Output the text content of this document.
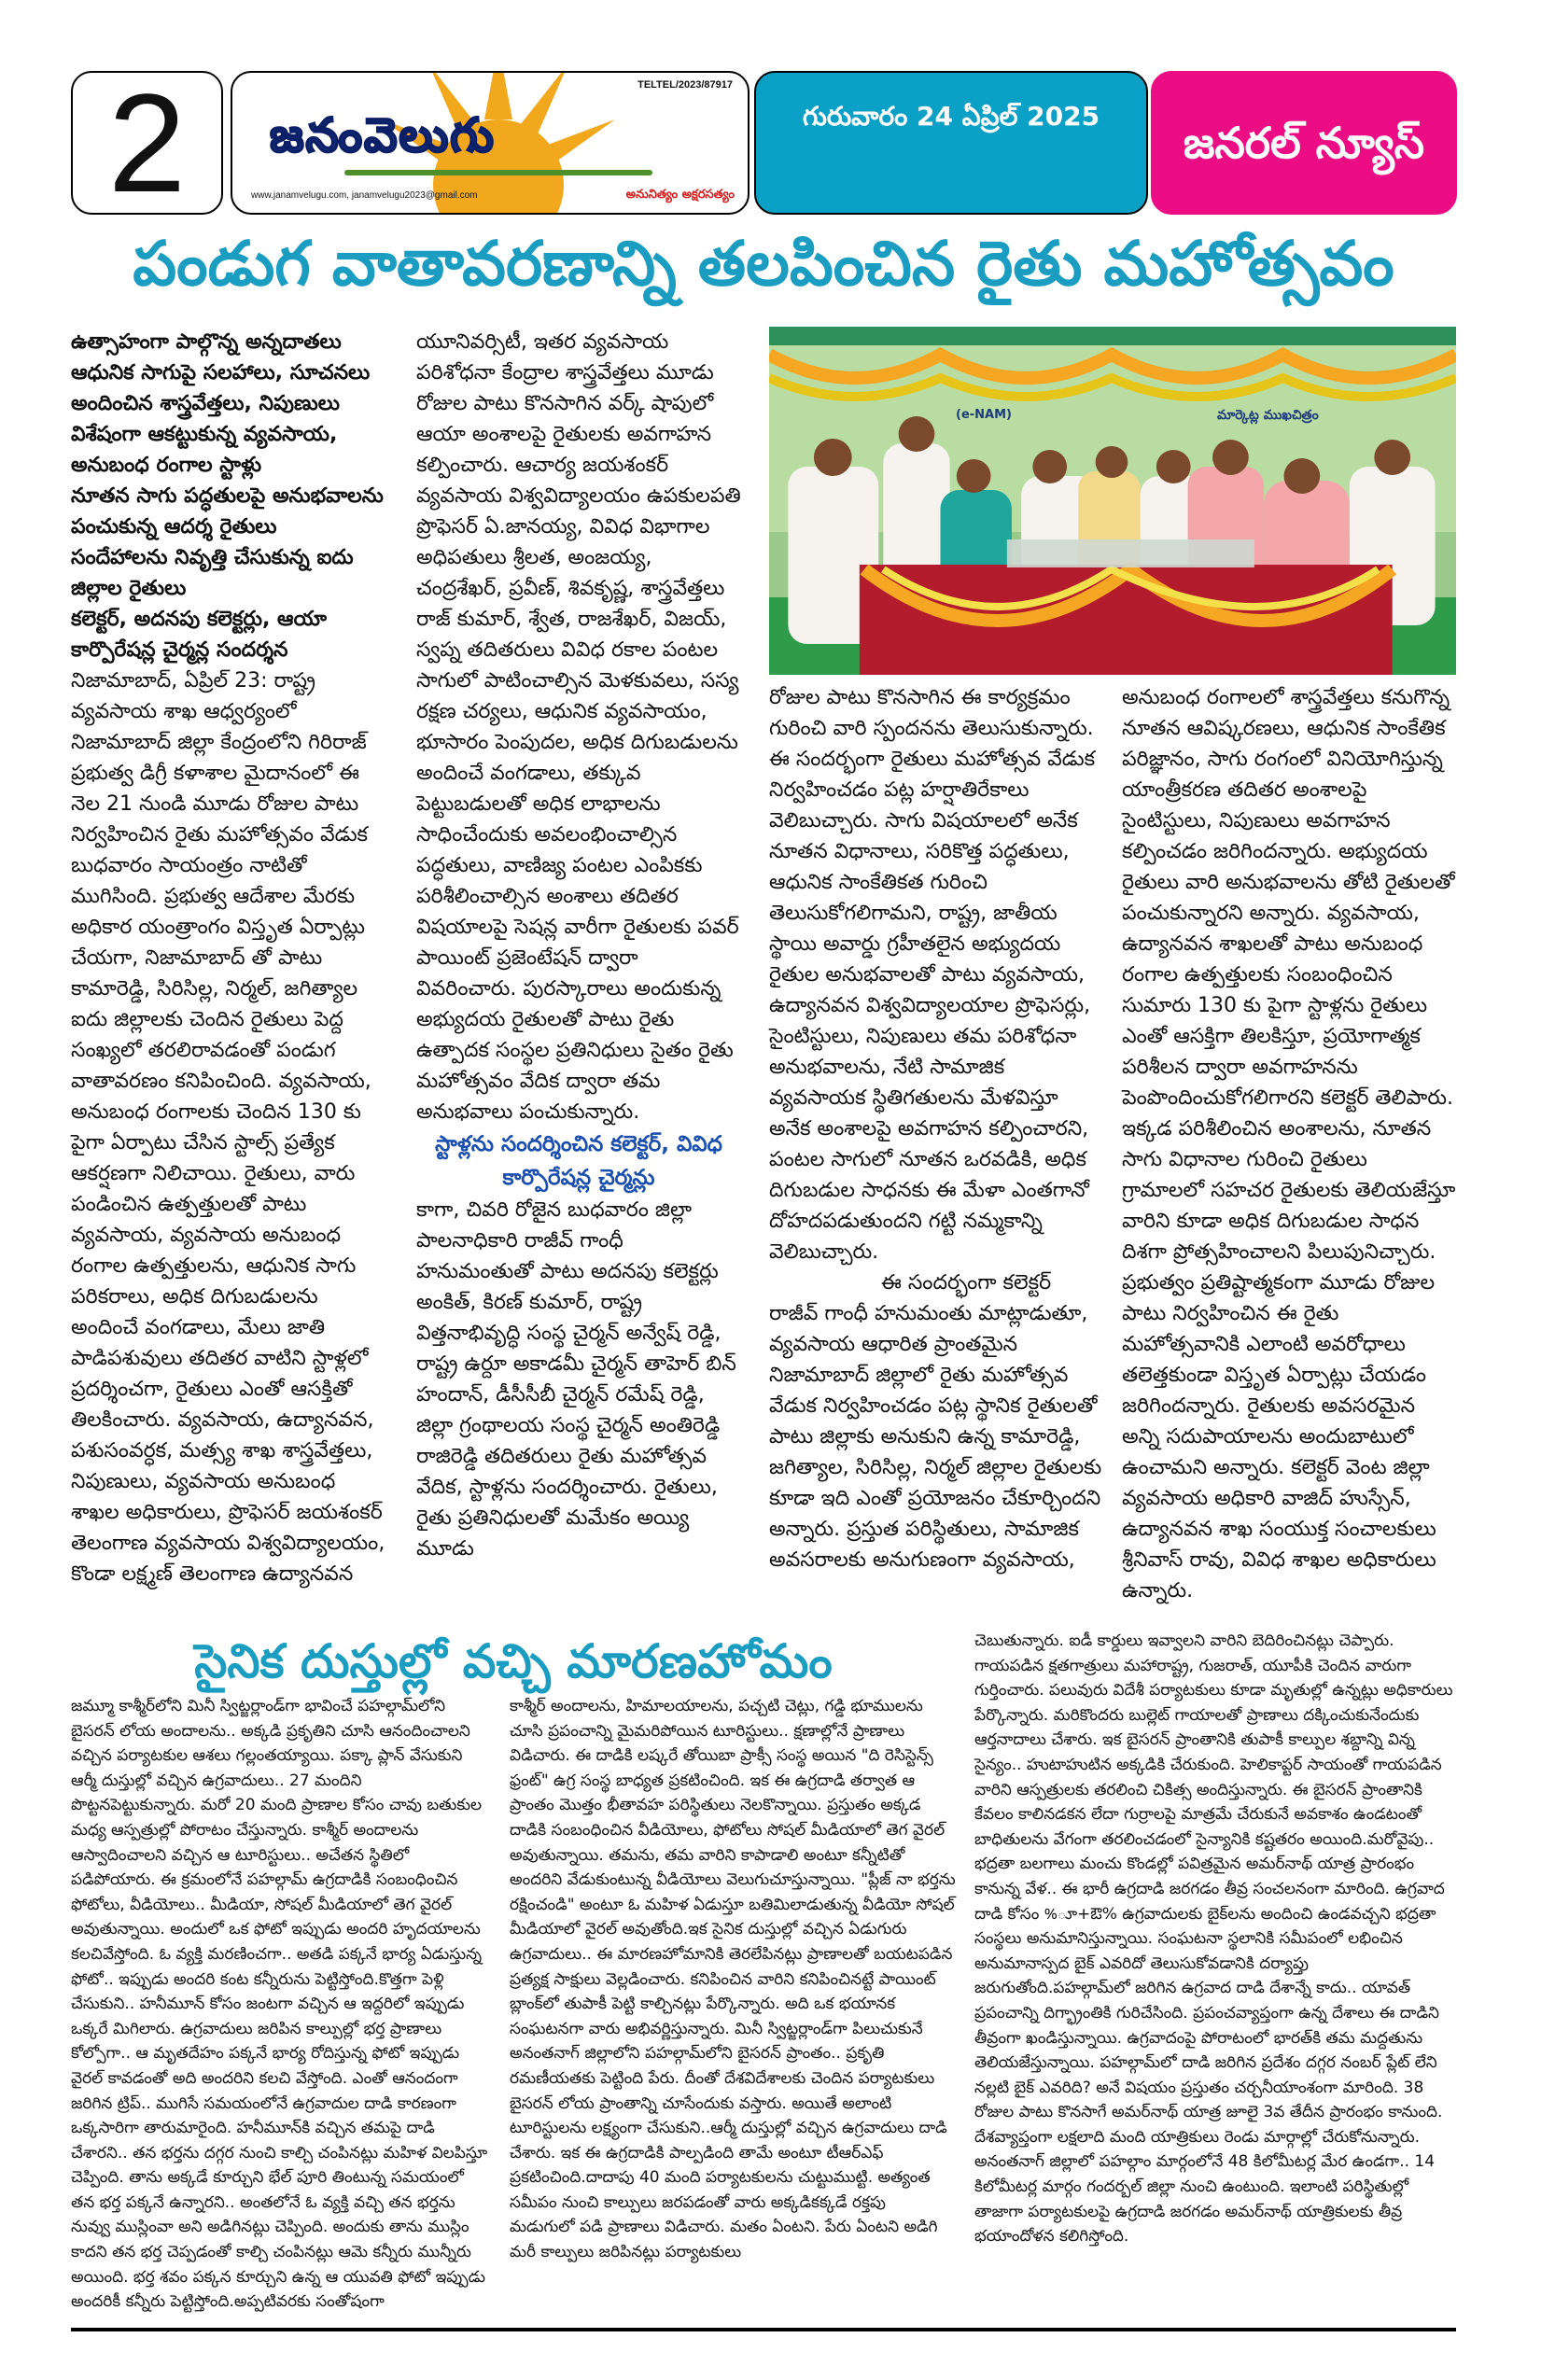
2	TELTEL/2023/87917
జనంవెలుగు
www.janamvelugu.com, janamvelugu2023@gmail.com	అనునిత్యం అక్షరసత్యం
గురువారం 24 ఏప్రిల్ 2025
జనరల్ న్యూస్
పండుగ వాతావరణాన్ని తలపించిన రైతు మహోత్సవం

ఉత్సాహంగా పాల్గొన్న అన్నదాతలు

ఆధునిక సాగుపై సలహాలు, సూచనలు అందించిన శాస్త్రవేత్తలు, నిపుణులు

విశేషంగా ఆకట్టుకున్న వ్యవసాయ, అనుబంధ రంగాల స్టాళ్లు

నూతన సాగు పద్ధతులపై అనుభవాలను పంచుకున్న ఆదర్శ రైతులు

సందేహాలను నివృత్తి చేసుకున్న ఐదు జిల్లాల రైతులు

కలెక్టర్, అదనపు కలెక్టర్లు, ఆయా కార్పొరేషన్ల చైర్మన్ల సందర్శన

నిజామాబాద్, ఏప్రిల్ 23: రాష్ట్ర వ్యవసాయ శాఖ ఆధ్వర్యంలో నిజామాబాద్ జిల్లా కేంద్రంలోని గిరిరాజ్ ప్రభుత్వ డిగ్రీ కళాశాల మైదానంలో ఈ నెల 21 నుండి మూడు రోజుల పాటు నిర్వహించిన రైతు మహోత్సవం వేడుక బుధవారం సాయంత్రం నాటితో ముగిసింది. ప్రభుత్వ ఆదేశాల మేరకు అధికార యంత్రాంగం విస్తృత ఏర్పాట్లు చేయగా, నిజామాబాద్ తో పాటు కామారెడ్డి, సిరిసిల్ల, నిర్మల్, జగిత్యాల ఐదు జిల్లాలకు చెందిన రైతులు పెద్ద సంఖ్యలో తరలిరావడంతో పండుగ వాతావరణం కనిపించింది. వ్యవసాయ, అనుబంధ రంగాలకు చెందిన 130 కు పైగా ఏర్పాటు చేసిన స్టాల్స్ ప్రత్యేక ఆకర్షణగా నిలిచాయి. రైతులు, వారు పండించిన ఉత్పత్తులతో పాటు వ్యవసాయ, వ్యవసాయ అనుబంధ రంగాల ఉత్పత్తులను, ఆధునిక సాగు పరికరాలు, అధిక దిగుబడులను అందించే వంగడాలు, మేలు జాతి పాడిపశువులు తదితర వాటిని స్టాళ్లలో ప్రదర్శించగా, రైతులు ఎంతో ఆసక్తితో తిలకించారు. వ్యవసాయ, ఉద్యానవన, పశుసంవర్ధక, మత్స్య శాఖ శాస్త్రవేత్తలు, నిపుణులు, వ్యవసాయ అనుబంధ శాఖల అధికారులు, ప్రొఫెసర్ జయశంకర్ తెలంగాణ వ్యవసాయ విశ్వవిద్యాలయం, కొండా లక్ష్మణ్ తెలంగాణ ఉద్యానవన

యూనివర్సిటీ, ఇతర వ్యవసాయ పరిశోధనా కేంద్రాల శాస్త్రవేత్తలు మూడు రోజుల పాటు కొనసాగిన వర్క్ షాపులో ఆయా అంశాలపై రైతులకు అవగాహన కల్పించారు. ఆచార్య జయశంకర్ వ్యవసాయ విశ్వవిద్యాలయం ఉపకులపతి ప్రొఫెసర్ ఏ.జానయ్య, వివిధ విభాగాల అధిపతులు శ్రీలత, అంజయ్య, చంద్రశేఖర్, ప్రవీణ్, శివకృష్ణ, శాస్త్రవేత్తలు రాజ్ కుమార్, శ్వేత, రాజశేఖర్, విజయ్, స్వప్న తదితరులు వివిధ రకాల పంటల సాగులో పాటించాల్సిన మెళకువలు, సస్య రక్షణ చర్యలు, ఆధునిక వ్యవసాయం, భూసారం పెంపుదల, అధిక దిగుబడులను అందించే వంగడాలు, తక్కువ పెట్టుబడులతో అధిక లాభాలను సాధించేందుకు అవలంభించాల్సిన పద్ధతులు, వాణిజ్య పంటల ఎంపికకు పరిశీలించాల్సిన అంశాలు తదితర విషయాలపై సెషన్ల వారీగా రైతులకు పవర్ పాయింట్ ప్రజెంటేషన్ ద్వారా వివరించారు. పురస్కారాలు అందుకున్న అభ్యుదయ రైతులతో పాటు రైతు ఉత్పాదక సంస్థల ప్రతినిధులు సైతం రైతు మహోత్సవం వేదిక ద్వారా తమ అనుభవాలు పంచుకున్నారు.

స్టాళ్లను సందర్శించిన కలెక్టర్, వివిధ కార్పొరేషన్ల చైర్మన్లు

కాగా, చివరి రోజైన బుధవారం జిల్లా పాలనాధికారి రాజీవ్ గాంధీ హనుమంతుతో పాటు అదనపు కలెక్టర్లు అంకిత్, కిరణ్ కుమార్, రాష్ట్ర విత్తనాభివృద్ధి సంస్థ చైర్మన్ అన్వేష్ రెడ్డి, రాష్ట్ర ఉర్దూ అకాడమీ చైర్మన్ తాహెర్ బిన్ హందాన్, డీసీసీబీ చైర్మన్ రమేష్ రెడ్డి, జిల్లా గ్రంథాలయ సంస్థ చైర్మన్ అంతిరెడ్డి రాజిరెడ్డి తదితరులు రైతు మహోత్సవ వేదిక, స్టాళ్లను సందర్శించారు. రైతులు, రైతు ప్రతినిధులతో మమేకం అయ్యి మూడు

(e-NAM)	మార్కెట్ల ముఖచిత్రం

రోజుల పాటు కొనసాగిన ఈ కార్యక్రమం గురించి వారి స్పందనను తెలుసుకున్నారు. ఈ సందర్భంగా రైతులు మహోత్సవ వేడుక నిర్వహించడం పట్ల హర్షాతిరేకాలు వెలిబుచ్చారు. సాగు విషయాలలో అనేక నూతన విధానాలు, సరికొత్త పద్ధతులు, ఆధునిక సాంకేతికత గురించి తెలుసుకోగలిగామని, రాష్ట్ర, జాతీయ స్థాయి అవార్డు గ్రహీతలైన అభ్యుదయ రైతుల అనుభవాలతో పాటు వ్యవసాయ, ఉద్యానవన విశ్వవిద్యాలయాల ప్రొఫెసర్లు, సైంటిస్టులు, నిపుణులు తమ పరిశోధనా అనుభవాలను, నేటి సామాజిక వ్యవసాయక స్థితిగతులను మేళవిస్తూ అనేక అంశాలపై అవగాహన కల్పించారని, పంటల సాగులో నూతన ఒరవడికి, అధిక దిగుబడుల సాధనకు ఈ మేళా ఎంతగానో దోహదపడుతుందని గట్టి నమ్మకాన్ని వెలిబుచ్చారు.

ఈ సందర్భంగా కలెక్టర్ రాజీవ్ గాంధీ హనుమంతు మాట్లాడుతూ, వ్యవసాయ ఆధారిత ప్రాంతమైన నిజామాబాద్ జిల్లాలో రైతు మహోత్సవ వేడుక నిర్వహించడం పట్ల స్థానిక రైతులతో పాటు జిల్లాకు అనుకుని ఉన్న కామారెడ్డి, జగిత్యాల, సిరిసిల్ల, నిర్మల్ జిల్లాల రైతులకు కూడా ఇది ఎంతో ప్రయోజనం చేకూర్చిందని అన్నారు. ప్రస్తుత పరిస్థితులు, సామాజిక అవసరాలకు అనుగుణంగా వ్యవసాయ,

అనుబంధ రంగాలలో శాస్త్రవేత్తలు కనుగొన్న నూతన ఆవిష్కరణలు, ఆధునిక సాంకేతిక పరిజ్ఞానం, సాగు రంగంలో వినియోగిస్తున్న యాంత్రీకరణ తదితర అంశాలపై సైంటిస్టులు, నిపుణులు అవగాహన కల్పించడం జరిగిందన్నారు. అభ్యుదయ రైతులు వారి అనుభవాలను తోటి రైతులతో పంచుకున్నారని అన్నారు. వ్యవసాయ, ఉద్యానవన శాఖలతో పాటు అనుబంధ రంగాల ఉత్పత్తులకు సంబంధించిన సుమారు 130 కు పైగా స్టాళ్లను రైతులు ఎంతో ఆసక్తిగా తిలకిస్తూ, ప్రయోగాత్మక పరిశీలన ద్వారా అవగాహనను పెంపొందించుకోగలిగారని కలెక్టర్ తెలిపారు. ఇక్కడ పరిశీలించిన అంశాలను, నూతన సాగు విధానాల గురించి రైతులు గ్రామాలలో సహచర రైతులకు తెలియజేస్తూ వారిని కూడా అధిక దిగుబడుల సాధన దిశగా ప్రోత్సహించాలని పిలుపునిచ్చారు. ప్రభుత్వం ప్రతిష్టాత్మకంగా మూడు రోజుల పాటు నిర్వహించిన ఈ రైతు మహోత్సవానికి ఎలాంటి అవరోధాలు తలెత్తకుండా విస్తృత ఏర్పాట్లు చేయడం జరిగిందన్నారు. రైతులకు అవసరమైన అన్ని సదుపాయాలను అందుబాటులో ఉంచామని అన్నారు. కలెక్టర్ వెంట జిల్లా వ్యవసాయ అధికారి వాజిద్ హుస్సేన్, ఉద్యానవన శాఖ సంయుక్త సంచాలకులు శ్రీనివాస్ రావు, వివిధ శాఖల అధికారులు ఉన్నారు.

సైనిక దుస్తుల్లో వచ్చి మారణహోమం

జమ్మూ కాశ్మీర్‌లోని మినీ స్విట్జర్లాండ్‌గా భావించే పహల్గామ్‌లోని బైసరన్ లోయ అందాలను.. అక్కడి ప్రకృతిని చూసి ఆనందించాలని వచ్చిన పర్యాటకుల ఆశలు గల్లంతయ్యాయి. పక్కా ప్లాన్ వేసుకుని ఆర్మీ దుస్తుల్లో వచ్చిన ఉగ్రవాదులు.. 27 మందిని పొట్టనపెట్టుకున్నారు. మరో 20 మంది ప్రాణాల కోసం చావు బతుకుల మధ్య ఆస్పత్రుల్లో పోరాటం చేస్తున్నారు. కాశ్మీర్ అందాలను ఆస్వాదించాలని వచ్చిన ఆ టూరిస్టులు.. అచేతన స్థితిలో పడిపోయారు. ఈ క్రమంలోనే పహల్గామ్ ఉగ్రదాడికి సంబంధించిన ఫోటోలు, వీడియోలు.. మీడియా, సోషల్ మీడియాలో తెగ వైరల్ అవుతున్నాయి. అందులో ఒక ఫోటో ఇప్పుడు అందరి హృదయాలను కలచివేస్తోంది. ఓ వ్యక్తి మరణించగా.. అతడి పక్కనే భార్య ఏడుస్తున్న ఫోటో.. ఇప్పుడు అందరి కంట కన్నీరును పెట్టిస్తోంది.కొత్తగా పెళ్లి చేసుకుని.. హనీమూన్ కోసం జంటగా వచ్చిన ఆ ఇద్దరిలో ఇప్పుడు ఒక్కరే మిగిలారు. ఉగ్రవాదులు జరిపిన కాల్పుల్లో భర్త ప్రాణాలు కోల్పోగా.. ఆ మృతదేహం పక్కనే భార్య రోదిస్తున్న ఫోటో ఇప్పుడు వైరల్ కావడంతో అది అందరిని కలచి వేస్తోంది. ఎంతో ఆనందంగా జరిగిన ట్రిప్.. ముగిసే సమయంలోనే ఉగ్రవాదుల దాడి కారణంగా ఒక్కసారిగా తారుమారైంది. హనీమూన్‌కి వచ్చిన తమపై దాడి చేశారని.. తన భర్తను దగ్గర నుంచి కాల్చి చంపినట్లు మహిళ విలపిస్తూ చెప్పింది. తాను అక్కడే కూర్చుని భేల్ పూరి తింటున్న సమయంలో తన భర్త పక్కనే ఉన్నారని.. అంతలోనే ఓ వ్యక్తి వచ్చి తన భర్తను నువ్వు ముస్లింవా అని అడిగినట్లు చెప్పింది. అందుకు తాను ముస్లిం కాదని తన భర్త చెప్పడంతో కాల్చి చంపినట్లు ఆమె కన్నీరు మున్నీరు అయింది. భర్త శవం పక్కన కూర్చుని ఉన్న ఆ యువతి ఫోటో ఇప్పుడు అందరికీ కన్నీరు పెట్టిస్తోంది.అప్పటివరకు సంతోషంగా

కాశ్మీర్ అందాలను, హిమాలయాలను, పచ్చటి చెట్లు, గడ్డి భూములను చూసి ప్రపంచాన్ని మైమరిపోయిన టూరిస్టులు.. క్షణాల్లోనే ప్రాణాలు విడిచారు. ఈ దాడికి లష్కరే తోయిబా ప్రాక్సీ సంస్థ అయిన "ది రెసిస్టెన్స్ ఫ్రంట్" ఉగ్ర సంస్థ బాధ్యత ప్రకటించింది. ఇక ఈ ఉగ్రదాడి తర్వాత ఆ ప్రాంతం మొత్తం భీతావహ పరిస్థితులు నెలకొన్నాయి. ప్రస్తుతం అక్కడ దాడికి సంబంధించిన వీడియోలు, ఫోటోలు సోషల్ మీడియాలో తెగ వైరల్ అవుతున్నాయి. తమను, తమ వారిని కాపాడాలి అంటూ కన్నీటితో అందరిని వేడుకుంటున్న వీడియోలు వెలుగుచూస్తున్నాయి. "ప్లీజ్ నా భర్తను రక్షించండి" అంటూ ఓ మహిళ ఏడుస్తూ బతిమిలాడుతున్న వీడియో సోషల్ మీడియాలో వైరల్ అవుతోంది.ఇక సైనిక దుస్తుల్లో వచ్చిన ఏడుగురు ఉగ్రవాదులు.. ఈ మారణహోమానికి తెరలేపినట్లు ప్రాణాలతో బయటపడిన ప్రత్యక్ష సాక్షులు వెల్లడించారు. కనిపించిన వారిని కనిపించినట్టే పాయింట్ బ్లాంక్‌లో తుపాకీ పెట్టి కాల్చినట్లు పేర్కొన్నారు. అది ఒక భయానక సంఘటనగా వారు అభివర్ణిస్తున్నారు. మినీ స్విట్జర్లాండ్‌గా పిలుచుకునే అనంతనాగ్ జిల్లాలోని పహల్గామ్‌లోని బైసరన్ ప్రాంతం.. ప్రకృతి రమణీయతకు పెట్టింది పేరు. దీంతో దేశవిదేశాలకు చెందిన పర్యాటకులు బైసరన్ లోయ ప్రాంతాన్ని చూసేందుకు వస్తారు. అయితే అలాంటి టూరిస్టులను లక్ష్యంగా చేసుకుని..ఆర్మీ దుస్తుల్లో వచ్చిన ఉగ్రవాదులు దాడి చేశారు. ఇక ఈ ఉగ్రదాడికి పాల్పడింది తామే అంటూ టీఆర్ఎఫ్ ప్రకటించింది.దాదాపు 40 మంది పర్యాటకులను చుట్టుముట్టి. అత్యంత సమీపం నుంచి కాల్పులు జరపడంతో వారు అక్కడికక్కడే రక్తపు మడుగులో పడి ప్రాణాలు విడిచారు. మతం ఏంటని. పేరు ఏంటని అడిగి మరీ కాల్పులు జరిపినట్లు పర్యాటకులు

చెబుతున్నారు. ఐడీ కార్డులు ఇవ్వాలని వారిని బెదిరించినట్లు చెప్పారు. గాయపడిన క్షతగాత్రులు మహారాష్ట్ర, గుజరాత్, యూపీకి చెందిన వారుగా గుర్తించారు. పలువురు విదేశీ పర్యాటకులు కూడా మృతుల్లో ఉన్నట్లు అధికారులు పేర్కొన్నారు. మరికొందరు బుల్లెట్ గాయాలతో ప్రాణాలు దక్కించుకునేందుకు ఆర్తనాదాలు చేశారు. ఇక బైసరన్ ప్రాంతానికి తుపాకీ కాల్పుల శబ్దాన్ని విన్న సైన్యం.. హుటాహుటిన అక్కడికి చేరుకుంది. హెలికాప్టర్ సాయంతో గాయపడిన వారిని ఆస్పత్రులకు తరలించి చికిత్స అందిస్తున్నారు. ఈ బైసరన్ ప్రాంతానికి కేవలం కాలినడకన లేదా గుర్రాలపై మాత్రమే చేరుకునే అవకాశం ఉండటంతో బాధితులను వేగంగా తరలించడంలో సైన్యానికి కష్టతరం అయింది.మరోవైపు.. భద్రతా బలగాలు మంచు కొండల్లో పవిత్రమైన అమర్‌నాథ్ యాత్ర ప్రారంభం కానున్న వేళ.. ఈ భారీ ఉగ్రదాడి జరగడం తీవ్ర సంచలనంగా మారింది. ఉగ్రవాద దాడి కోసం %ూ+ఔ% ఉగ్రవాదులకు బైక్‌లను అందించి ఉండవచ్చని భద్రతా సంస్థలు అనుమానిస్తున్నాయి. సంఘటనా స్థలానికి సమీపంలో లభించిన అనుమానాస్పద బైక్ ఎవరిదో తెలుసుకోవడానికి దర్యాప్తు జరుగుతోంది.పహల్గామ్‌లో జరిగిన ఉగ్రవాద దాడి దేశాన్నే కాదు.. యావత్ ప్రపంచాన్ని దిగ్భ్రాంతికి గురిచేసింది. ప్రపంచవ్యాప్తంగా ఉన్న దేశాలు ఈ దాడిని తీవ్రంగా ఖండిస్తున్నాయి. ఉగ్రవాదంపై పోరాటంలో భారత్‌కి తమ మద్దతును తెలియజేస్తున్నాయి. పహల్గామ్‌లో దాడి జరిగిన ప్రదేశం దగ్గర నంబర్ ప్లేట్ లేని నల్లటి బైక్ ఎవరిది? అనే విషయం ప్రస్తుతం చర్చనీయాంశంగా మారింది. 38 రోజుల పాటు కొనసాగే అమర్‌నాథ్ యాత్ర జూలై 3వ తేదీన ప్రారంభం కానుంది. దేశవ్యాప్తంగా లక్షలాది మంది యాత్రికులు రెండు మార్గాల్లో చేరుకోనున్నారు. అనంతనాగ్ జిల్లాలో పహల్గాం మార్గంలోనే 48 కిలోమీటర్ల మేర ఉండగా.. 14 కిలోమీటర్ల మార్గం గందర్బల్ జిల్లా నుంచి ఉంటుంది. ఇలాంటి పరిస్థితుల్లో తాజాగా పర్యాటకులపై ఉగ్రదాడి జరగడం అమర్‌నాథ్ యాత్రికులకు తీవ్ర భయాందోళన కలిగిస్తోంది.
